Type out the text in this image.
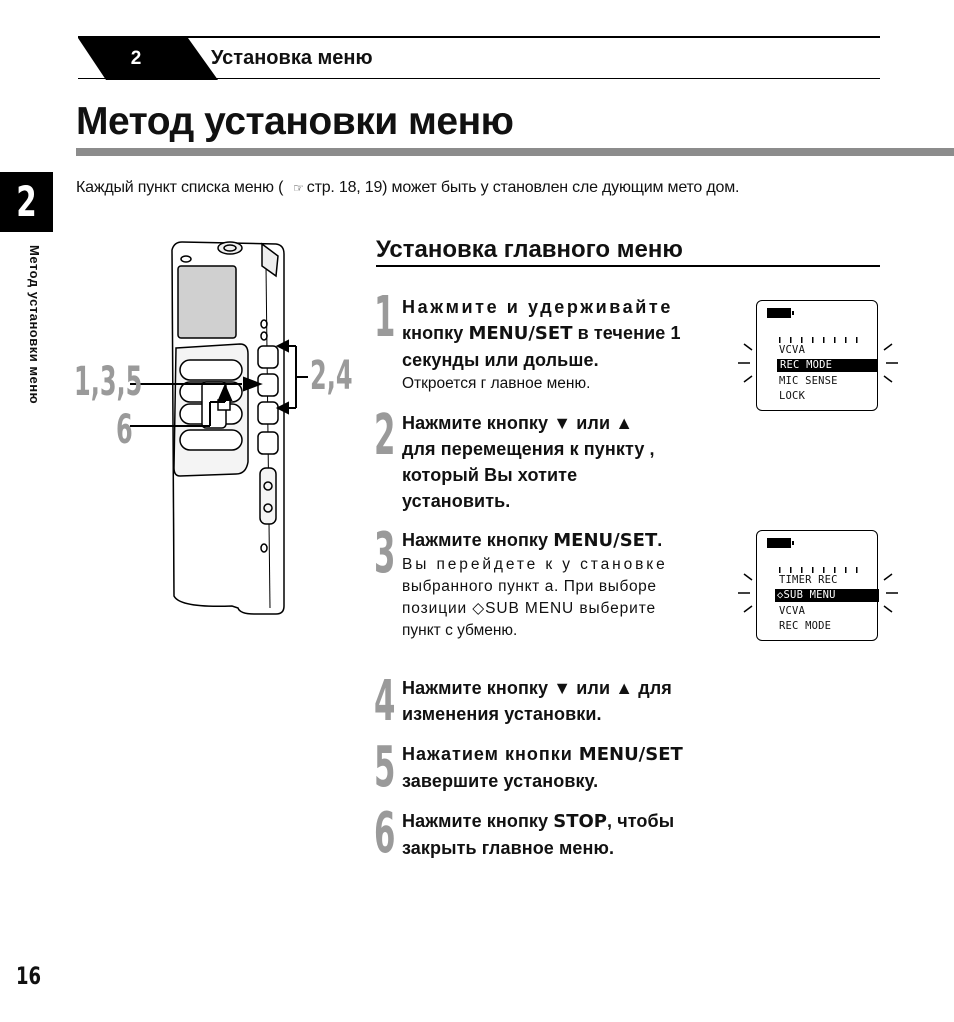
2	Установка меню
Метод установки меню
2
Метод установки меню

Каждый пункт списка меню ( ☞ стр. 18, 19) может быть у становлен сле дующим мето дом.

1,3,5
6
2,4
Установка главного меню
1 Нажмите и удерживайте
кнопку MENU/SET в течение 1
секунды или дольше.
Откроется г лавное меню.
2 Нажмите кнопку ▼ или ▲
для перемещения к пункту ,
который Вы хотите
установить.
3 Нажмите кнопку MENU/SET.
Вы перейдете к у становке
выбранного пункт а. При выборе
позиции ◇SUB MENU выберите
пункт с убменю.
4 Нажмите кнопку ▼ или ▲ для
изменения установки.
5 Нажатием кнопки MENU/SET
завершите установку.
6 Нажмите кнопку STOP, чтобы
закрыть главное меню.
VCVA
REC MODE
MIC SENSE
LOCK
TIMER REC
◇SUB MENU
VCVA
REC MODE
16
